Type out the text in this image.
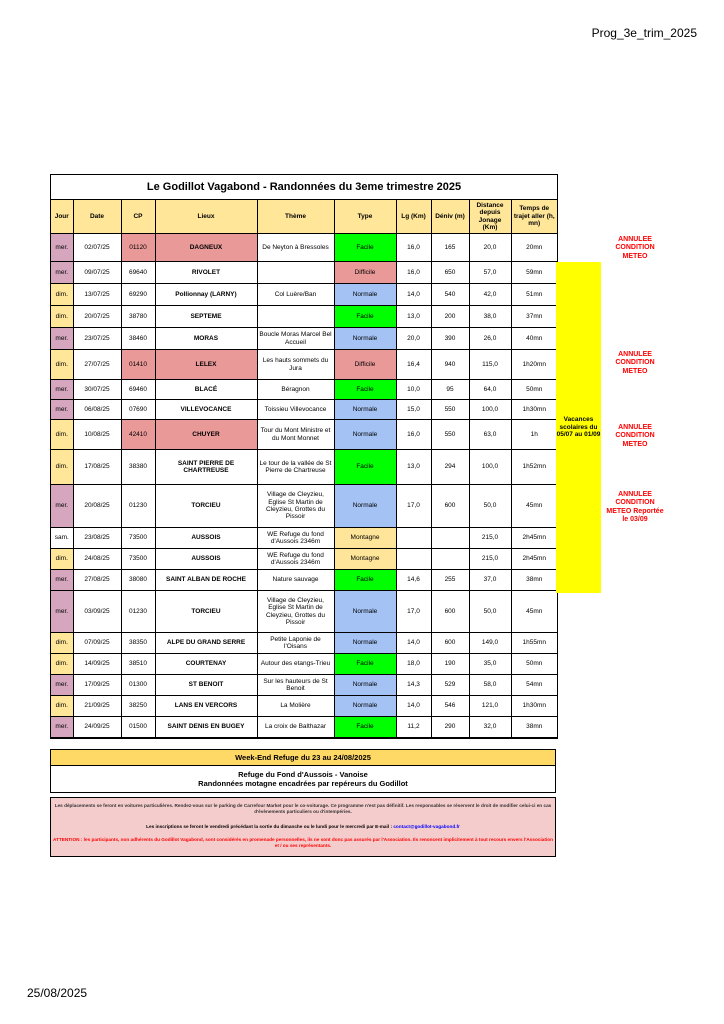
Prog_3e_trim_2025
Le Godillot Vagabond - Randonnées du 3eme trimestre 2025
Jour	Date	CP	Lieux	Thème	Type	Lg (Km)	Déniv (m)	Distance depuis Jonage (Km)	Temps de trajet aller (h, mn)
mer.	02/07/25	01120	DAGNEUX	De Neyton à Bressoles	Facile	16,0	165	20,0	20mn
mer.	09/07/25	69640	RIVOLET		Difficile	16,0	650	57,0	59mn
dim.	13/07/25	69290	Pollionnay (LARNY)	Col Luère/Ban	Normale	14,0	540	42,0	51mn
dim.	20/07/25	38780	SEPTEME		Facile	13,0	200	38,0	37mn
mer.	23/07/25	38460	MORAS	Boucle Moras Marcel Bel Accueil	Normale	20,0	390	26,0	40mn
dim.	27/07/25	01410	LELEX	Les hauts sommets du Jura	Difficile	16,4	940	115,0	1h20mn
mer.	30/07/25	69460	BLACÉ	Béragnon	Facile	10,0	95	64,0	50mn
mer.	06/08/25	07690	VILLEVOCANCE	Toissieu Villevocance	Normale	15,0	550	100,0	1h30mn
dim.	10/08/25	42410	CHUYER	Tour du Mont Ministre et du Mont Monnet	Normale	16,0	550	63,0	1h
dim.	17/08/25	38380	SAINT PIERRE DE CHARTREUSE	Le tour de la vallée de St Pierre de Chartreuse	Facile	13,0	294	100,0	1h52mn
mer.	20/08/25	01230	TORCIEU	Village de Cleyzieu, Eglise St Martin de Cleyzieu, Grottes du Pissoir	Normale	17,0	600	50,0	45mn
sam.	23/08/25	73500	AUSSOIS	WE Refuge du fond d'Aussois 2346m	Montagne			215,0	2h45mn
dim.	24/08/25	73500	AUSSOIS	WE Refuge du fond d'Aussois 2346m	Montagne			215,0	2h45mn
mer.	27/08/25	38080	SAINT ALBAN DE ROCHE	Nature sauvage	Facile	14,6	255	37,0	38mn
mer.	03/09/25	01230	TORCIEU	Village de Cleyzieu, Eglise St Martin de Cleyzieu, Grottes du Pissoir	Normale	17,0	600	50,0	45mn
dim.	07/09/25	38350	ALPE DU GRAND SERRE	Petite Laponie de l'Oisans	Normale	14,0	600	149,0	1h55mn
dim.	14/09/25	38510	COURTENAY	Autour des etangs-Trieu	Facile	18,0	190	35,0	50mn
mer.	17/09/25	01300	ST BENOIT	Sur les hauteurs de St Benoit	Normale	14,3	529	58,0	54mn
dim.	21/09/25	38250	LANS EN VERCORS	La Molière	Normale	14,0	546	121,0	1h30mn
mer.	24/09/25	01500	SAINT DENIS EN BUGEY	La croix de Balthazar	Facile	11,2	290	32,0	38mn
Vacances scolaires du 05/07 au 01/09
ANNULEE CONDITION METEO
ANNULEE CONDITION METEO
ANNULEE CONDITION METEO
ANNULEE CONDITION METEO Reportée le 03/09
Week-End Refuge du 23 au 24/08/2025
Refuge du Fond d'Aussois - Vanoise
Randonnées motagne encadrées par repéreurs du Godillot

Les déplacements se feront en voitures particulières. Rendez-vous sur le parking de Carrefour Market pour le co-voiturage. Ce programme n'est pas définitif. Les responsables se réservent le droit de modifier celui-ci en cas d'évènements particuliers ou d'intempéries.

Les inscriptions se feront le vendredi précédant la sortie du dimanche ou le lundi pour le mercredi par E-mail : contact@godillot-vagabond.fr

ATTENTION : les participants, non adhérents du Godillot Vagabond, sont considérés en promenade personnelles, ils ne sont donc pas assurés par l'Association. Ils renoncent implicitement à tout recours envers l'Association et / ou ses représentants.

25/08/2025
